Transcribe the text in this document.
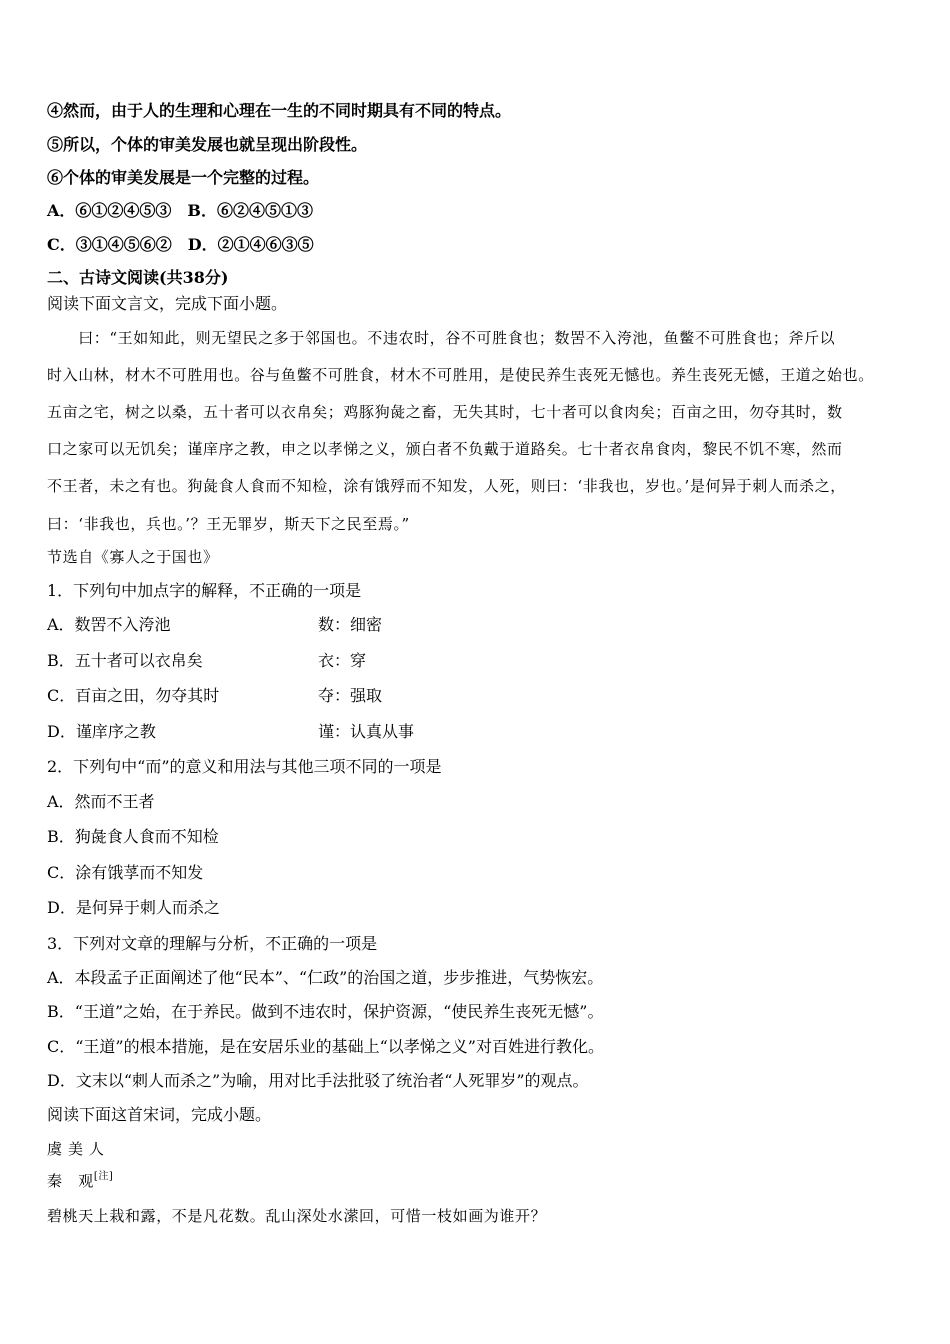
④然而，由于人的生理和心理在一生的不同时期具有不同的特点。
⑤所以，个体的审美发展也就呈现出阶段性。
⑥个体的审美发展是一个完整的过程。
A．⑥①②④⑤③　B．⑥②④⑤①③
C．③①④⑤⑥②　D．②①④⑥③⑤
二、古诗文阅读(共38分)
阅读下面文言文，完成下面小题。
　　曰：“王如知此，则无望民之多于邻国也。不违农时，谷不可胜食也；数罟不入洿池，鱼鳖不可胜食也；斧斤以
时入山林，材木不可胜用也。谷与鱼鳖不可胜食，材木不可胜用，是使民养生丧死无憾也。养生丧死无憾，王道之始也。
五亩之宅，树之以桑，五十者可以衣帛矣；鸡豚狗彘之畜，无失其时，七十者可以食肉矣；百亩之田，勿夺其时，数
口之家可以无饥矣；谨庠序之教，申之以孝悌之义，颁白者不负戴于道路矣。七十者衣帛食肉，黎民不饥不寒，然而
不王者，未之有也。狗彘食人食而不知检，涂有饿殍而不知发，人死，则曰：‘非我也，岁也。’是何异于刺人而杀之，
曰：‘非我也，兵也。’？王无罪岁，斯天下之民至焉。”
节选自《寡人之于国也》
1．下列句中加点字的解释，不正确的一项是
A．数罟不入洿池	数：细密
B．五十者可以衣帛矣	衣：穿
C．百亩之田，勿夺其时	夺：强取
D．谨庠序之教	谨：认真从事
2．下列句中“而”的意义和用法与其他三项不同的一项是
A．然而不王者
B．狗彘食人食而不知检
C．涂有饿莩而不知发
D．是何异于刺人而杀之
3．下列对文章的理解与分析，不正确的一项是
A．本段孟子正面阐述了他“民本”、“仁政”的治国之道，步步推进，气势恢宏。
B．“王道”之始，在于养民。做到不违农时，保护资源，“使民养生丧死无憾”。
C．“王道”的根本措施，是在安居乐业的基础上“以孝悌之义”对百姓进行教化。
D．文末以“刺人而杀之”为喻，用对比手法批驳了统治者“人死罪岁”的观点。
阅读下面这首宋词，完成小题。
虞 美 人
秦　观[注]
碧桃天上栽和露，不是凡花数。乱山深处水潆回，可惜一枝如画为谁开？
